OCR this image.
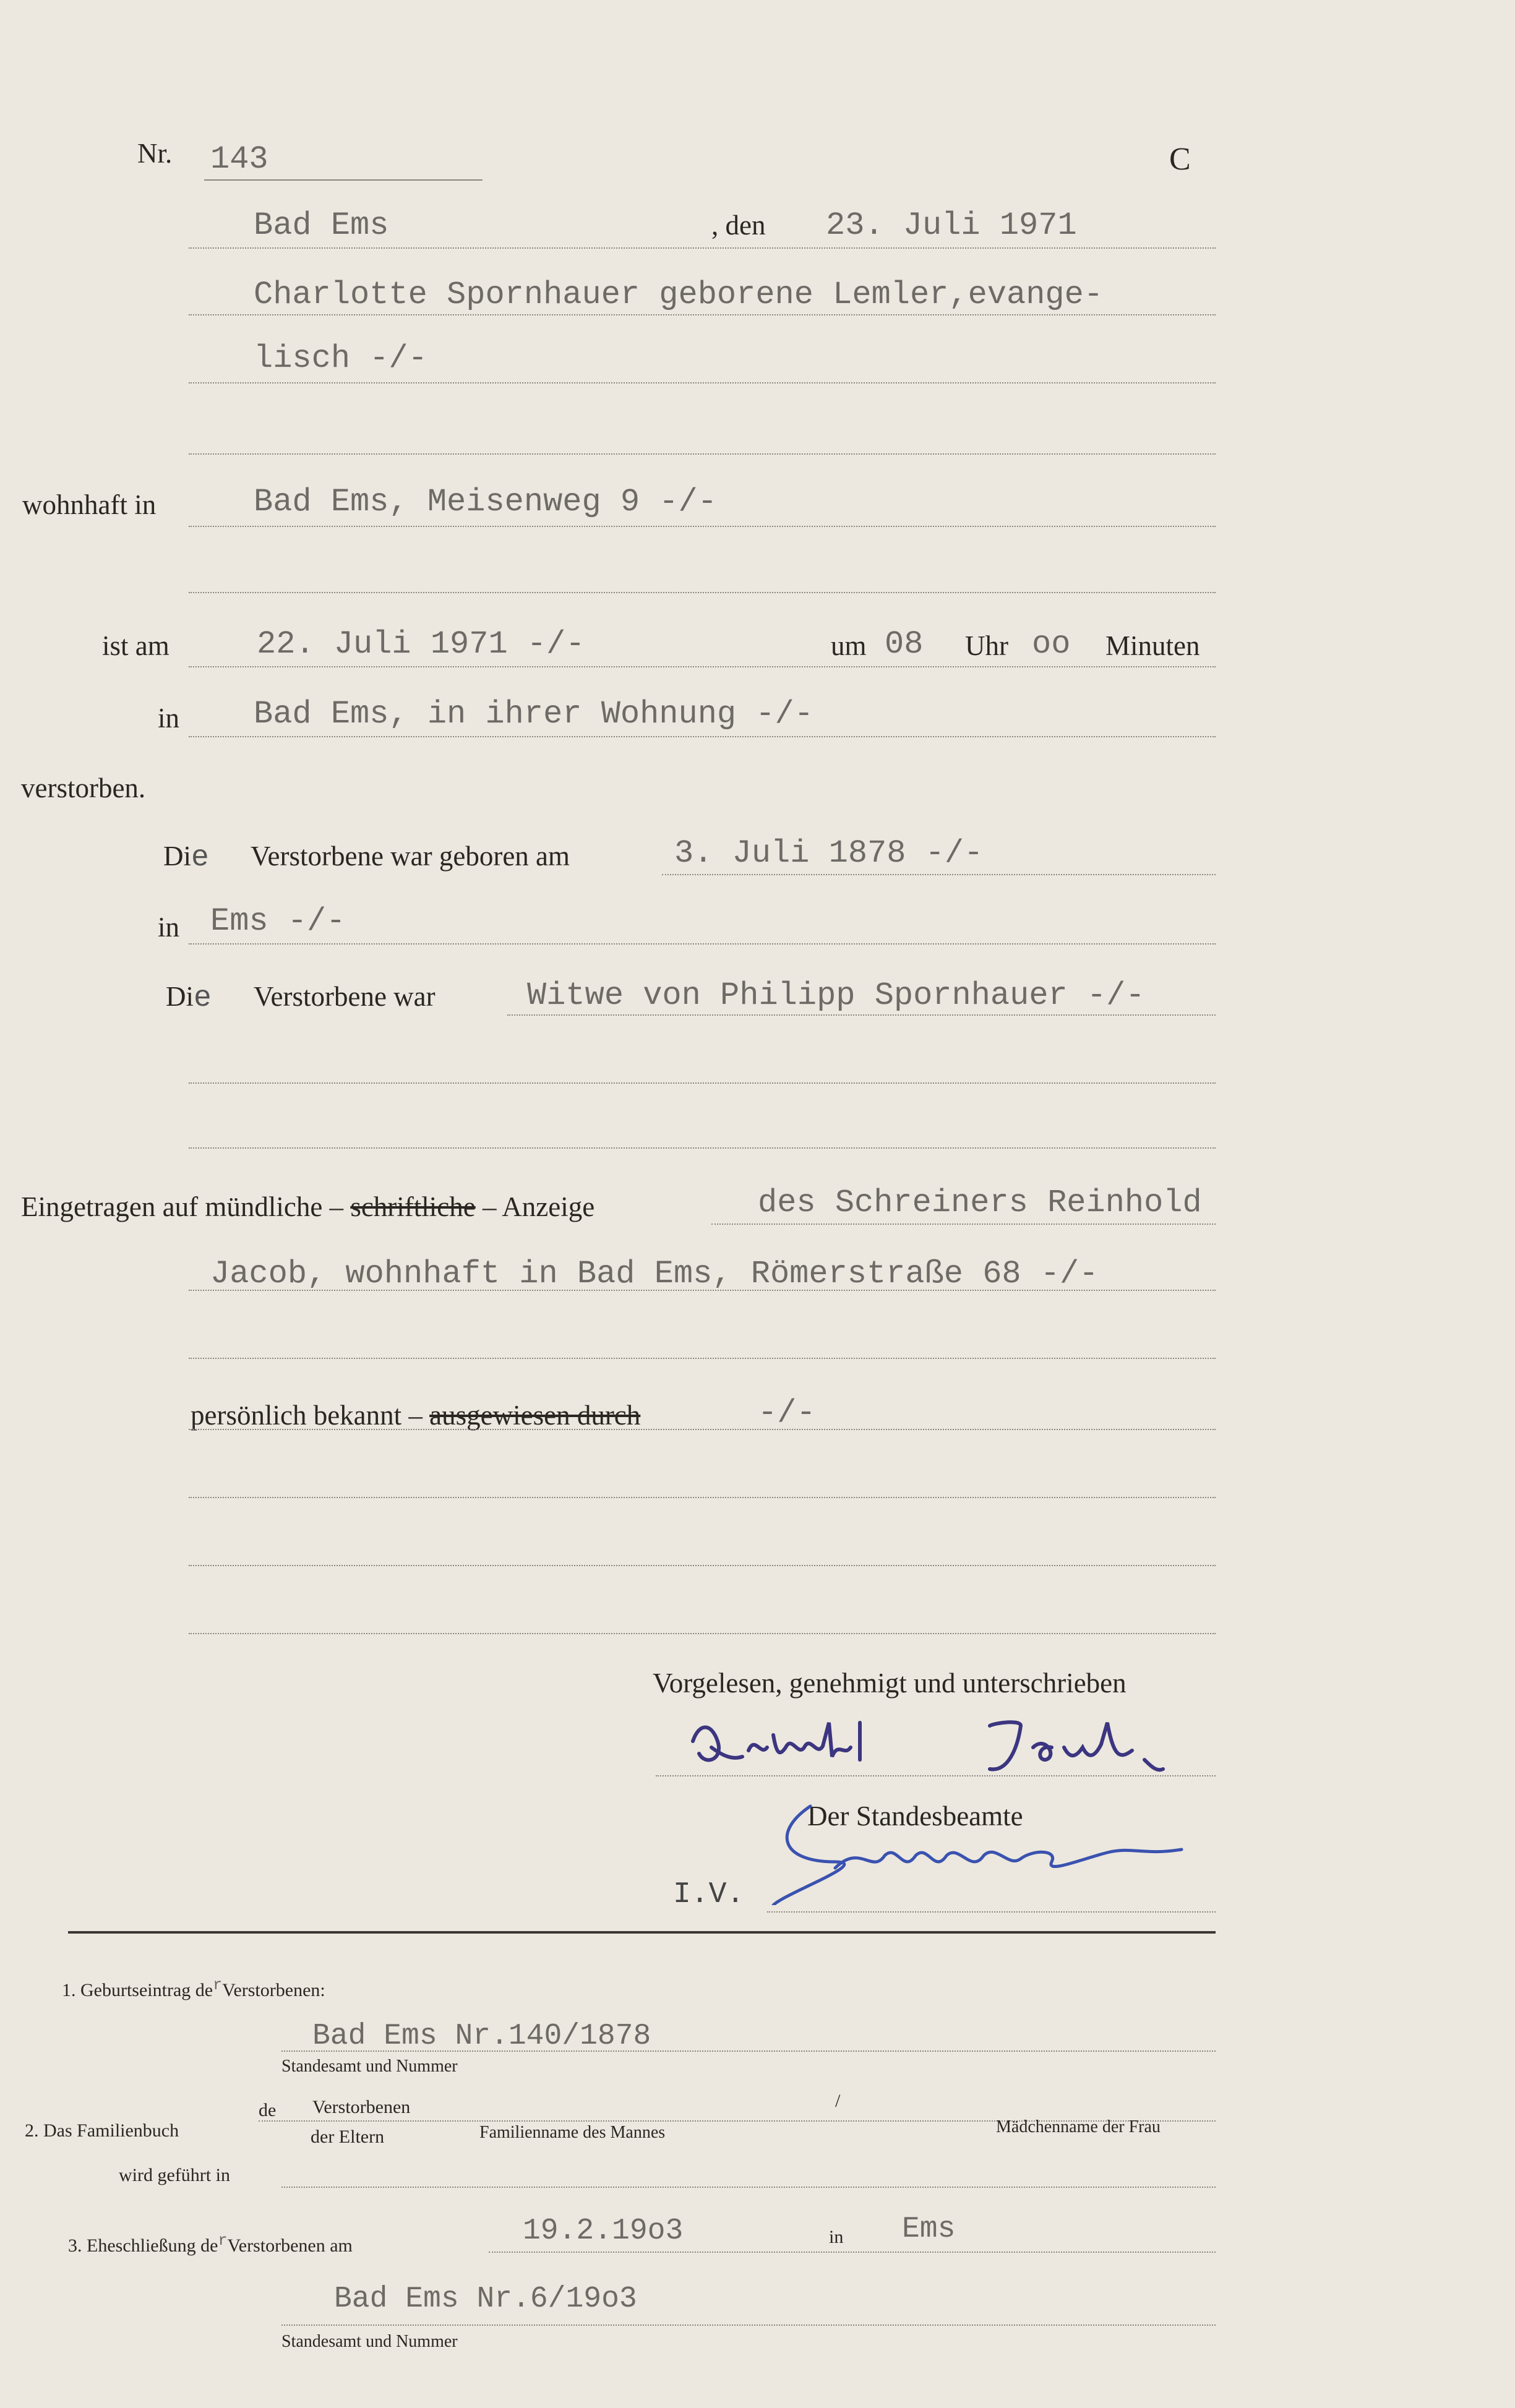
Nr. 143	C
Bad Ems	, den 23. Juli 1971
Charlotte Spornhauer geborene Lemler,evange-
lisch -/-
wohnhaft in	Bad Ems, Meisenweg 9 -/-
ist am	22. Juli 1971 -/-	um 08 Uhr oo Minuten
in Bad Ems, in ihrer Wohnung -/-
verstorben.
Die Verstorbene war geboren am	3. Juli 1878 -/-
in Ems -/-
Die Verstorbene war	Witwe von Philipp Spornhauer -/-
Eingetragen auf mündliche – schriftliche – Anzeige	des Schreiners Reinhold
Jacob, wohnhaft in Bad Ems, Römerstraße 68 -/-
persönlich bekannt – ausgewiesen durch	-/-
Vorgelesen, genehmigt und unterschrieben
Der Standesbeamte
I.V.
1. Geburtseintrag $de^rVerstorbenen$:
Bad Ems Nr.140/1878
Standesamt und Nummer
2. Das Familienbuch
de Verstorbenen
der Eltern	Familienname des Mannes
/
Mädchenname der Frau
wird geführt in
3. Eheschließung $de^rVerstorbenen$ am	19.2.19o3	in Ems
Bad Ems Nr.6/19o3
Standesamt und Nummer
